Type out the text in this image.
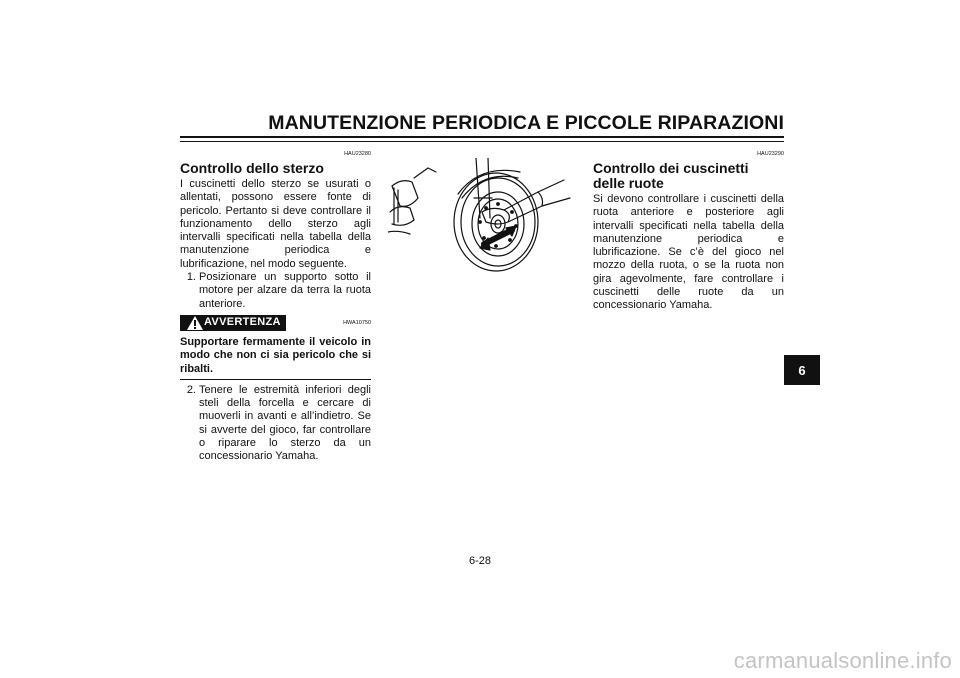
MANUTENZIONE PERIODICA E PICCOLE RIPARAZIONI
HAU23280
Controllo dello sterzo

I cuscinetti dello sterzo se usurati o allentati, possono essere fonte di pericolo. Pertanto si deve controllare il funzionamento dello sterzo agli intervalli specificati nella tabella della manutenzione periodica e lubrificazione, nel modo seguente.

1. Posizionare un supporto sotto il motore per alzare da terra la ruota anteriore.
AVVERTENZA	HWA10750

Supportare fermamente il veicolo in modo che non ci sia pericolo che si ribalti.

2. Tenere le estremità inferiori degli steli della forcella e cercare di muoverli in avanti e all’indietro. Se si avverte del gioco, far controllare o riparare lo sterzo da un concessionario Yamaha.
HAU23290
Controllo dei cuscinetti delle ruote

Si devono controllare i cuscinetti della ruota anteriore e posteriore agli intervalli specificati nella tabella della manutenzione periodica e lubrificazione. Se c’è del gioco nel mozzo della ruota, o se la ruota non gira agevolmente, fare controllare i cuscinetti delle ruote da un concessionario Yamaha.

6-28
6
carmanualsonline.info
